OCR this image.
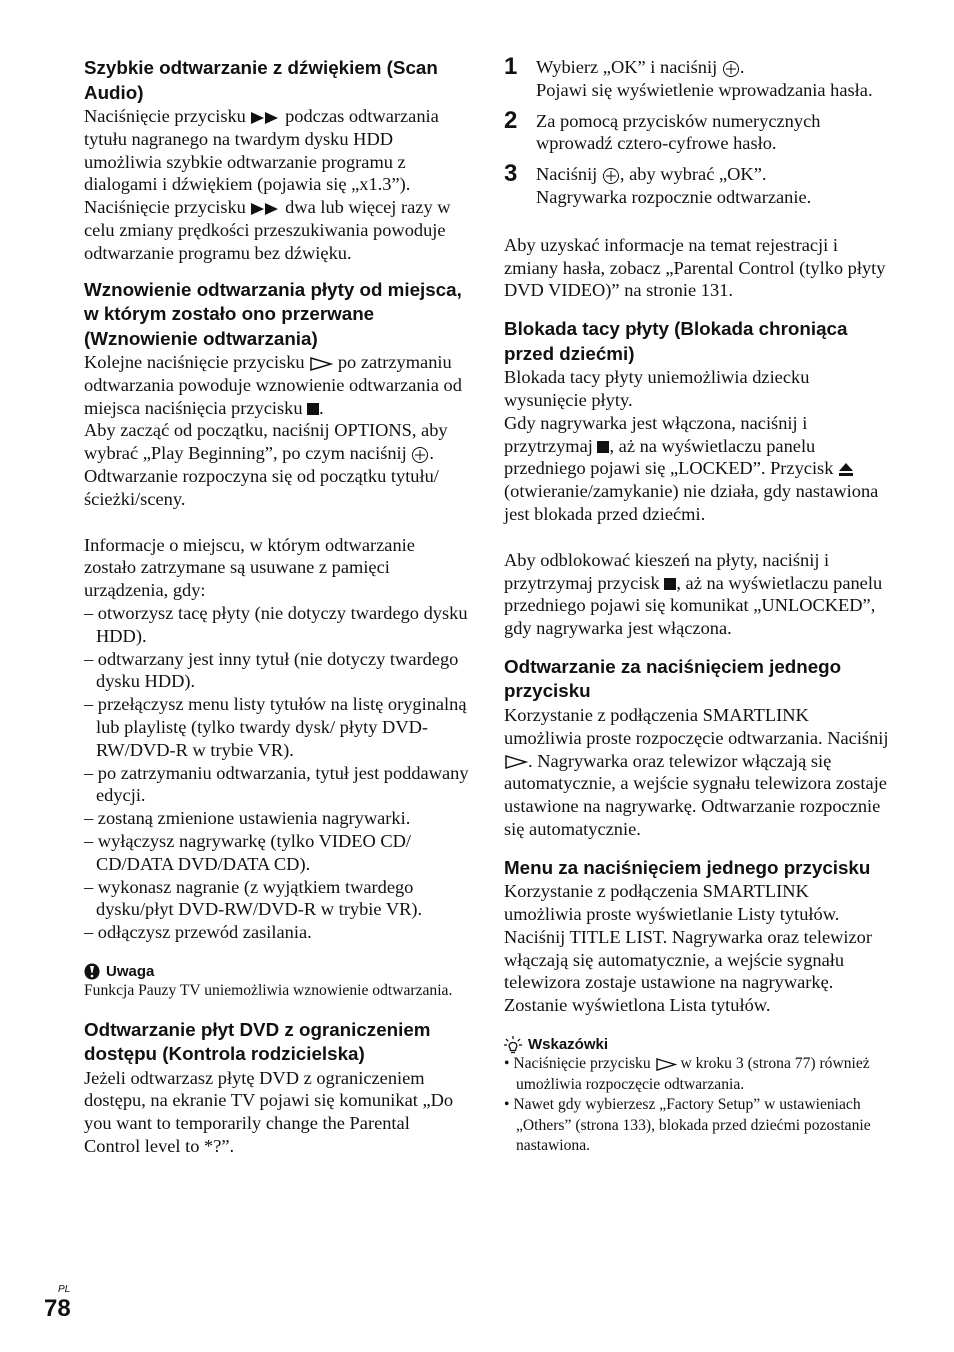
Szybkie odtwarzanie z dźwiękiem (Scan Audio)

Naciśnięcie przycisku podczas odtwarzania tytułu nagranego na twardym dysku HDD umożliwia szybkie odtwarzanie programu z dialogami i dźwiękiem (pojawia się „x1.3”).

Naciśnięcie przycisku dwa lub więcej razy w celu zmiany prędkości przeszukiwania powoduje odtwarzanie programu bez dźwięku.

Wznowienie odtwarzania płyty od miejsca, w którym zostało ono przerwane (Wznowienie odtwarzania)

Kolejne naciśnięcie przycisku po zatrzymaniu odtwarzania powoduje wznowienie odtwarzania od miejsca naciśnięcia przycisku .

Aby zacząć od początku, naciśnij OPTIONS, aby wybrać „Play Beginning”, po czym naciśnij . Odtwarzanie rozpoczyna się od początku tytułu/ścieżki/sceny.

Informacje o miejscu, w którym odtwarzanie zostało zatrzymane są usuwane z pamięci urządzenia, gdy:

– otworzysz tacę płyty (nie dotyczy twardego dysku HDD).
– odtwarzany jest inny tytuł (nie dotyczy twardego dysku HDD).
– przełączysz menu listy tytułów na listę oryginalną lub playlistę (tylko twardy dysk/ płyty DVD-RW/DVD-R w trybie VR).
– po zatrzymaniu odtwarzania, tytuł jest poddawany edycji.
– zostaną zmienione ustawienia nagrywarki.
– wyłączysz nagrywarkę (tylko VIDEO CD/ CD/DATA DVD/DATA CD).
– wykonasz nagranie (z wyjątkiem twardego dysku/płyt DVD-RW/DVD-R w trybie VR).
– odłączysz przewód zasilania.
Uwaga

Funkcja Pauzy TV uniemożliwia wznowienie odtwarzania.

Odtwarzanie płyt DVD z ograniczeniem dostępu (Kontrola rodzicielska)

Jeżeli odtwarzasz płytę DVD z ograniczeniem dostępu, na ekranie TV pojawi się komunikat „Do you want to temporarily change the Parental Control level to *?”.

1	Wybierz „OK” i naciśnij .
Pojawi się wyświetlenie wprowadzania hasła.
2	Za pomocą przycisków numerycznych wprowadź cztero-cyfrowe hasło.
3	Naciśnij , aby wybrać „OK”.
Nagrywarka rozpocznie odtwarzanie.

Aby uzyskać informacje na temat rejestracji i zmiany hasła, zobacz „Parental Control (tylko płyty DVD VIDEO)” na stronie 131.

Blokada tacy płyty (Blokada chroniąca przed dziećmi)

Blokada tacy płyty uniemożliwia dziecku wysunięcie płyty.

Gdy nagrywarka jest włączona, naciśnij i przytrzymaj , aż na wyświetlaczu panelu przedniego pojawi się „LOCKED”. Przycisk  (otwieranie/zamykanie) nie działa, gdy nastawiona jest blokada przed dziećmi.

Aby odblokować kieszeń na płyty, naciśnij i przytrzymaj przycisk , aż na wyświetlaczu panelu przedniego pojawi się komunikat „UNLOCKED”, gdy nagrywarka jest włączona.

Odtwarzanie za naciśnięciem jednego przycisku

Korzystanie z podłączenia SMARTLINK umożliwia proste rozpoczęcie odtwarzania. Naciśnij . Nagrywarka oraz telewizor włączają się automatycznie, a wejście sygnału telewizora zostaje ustawione na nagrywarkę. Odtwarzanie rozpocznie się automatycznie.

Menu za naciśnięciem jednego przycisku

Korzystanie z podłączenia SMARTLINK umożliwia proste wyświetlanie Listy tytułów. Naciśnij TITLE LIST. Nagrywarka oraz telewizor włączają się automatycznie, a wejście sygnału telewizora zostaje ustawione na nagrywarkę. Zostanie wyświetlona Lista tytułów.

Wskazówki
• Naciśnięcie przycisku w kroku 3 (strona 77) również umożliwia rozpoczęcie odtwarzania.
• Nawet gdy wybierzesz „Factory Setup” w ustawieniach „Others” (strona 133), blokada przed dziećmi pozostanie nastawiona.
PL
78
